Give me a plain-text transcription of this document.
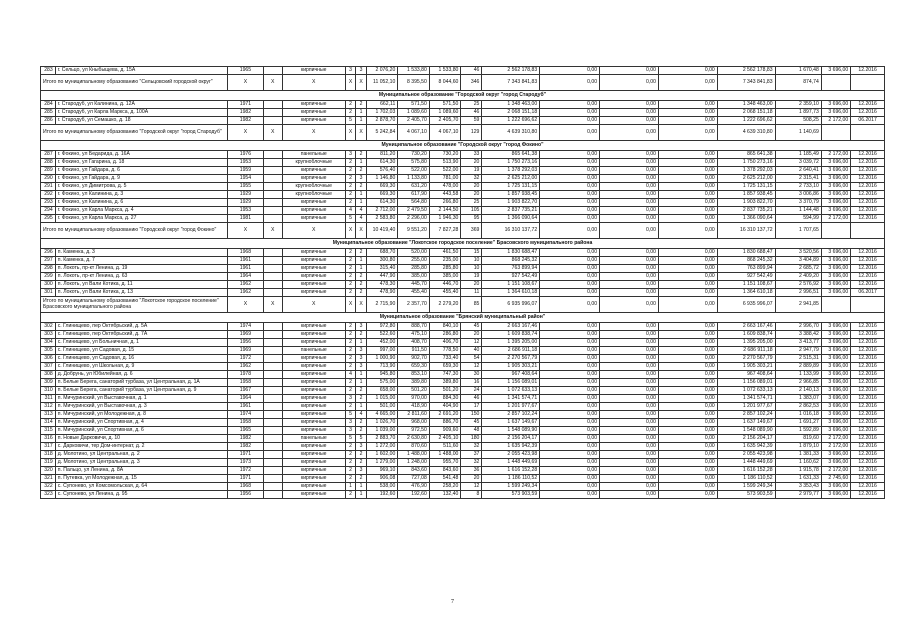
283	г. Сельцо, ул Кныбыщева, д. 15А	1965		кирпичные	3	3	2 076,20	1 533,80	1 533,80	46	2 562 178,83	0,00	0,00	0,00	2 562 178,83	1 670,48	3 696,00	12.2016
Итого по муниципальному образованию "Сельцовский городской округ"		X	X	X	X	X	11 052,10	8 395,50	8 044,60	346	7 343 841,83	0,00	0,00	0,00	7 343 841,83	874,74		
Муниципальное образование "Городской округ "город Стародуб"																		
284	г. Стародуб, ул Калинина, д. 12А	1971		кирпичные	2	2	662,11	571,50	571,50	25	1 348 463,00	0,00	0,00	0,00	1 348 463,00	2 359,10	3 696,00	12.2016
285	г. Стародуб, ул Карла Маркса, д. 100А	1982		кирпичные	2	1	1 702,03	1 089,60	1 089,60	46	2 068 151,18	0,00	0,00	0,00	2 068 151,18	1 897,73	3 696,00	12.2016
286	г. Стародуб, ул Семашко, д. 18	1982		кирпичные	5	1	2 878,70	2 405,70	2 405,70	59	1 222 696,62	0,00	0,00	0,00	1 222 696,62	508,25	2 172,00	06.2017
Итого по муниципальному образованию "Городской округ "город Стародуб"		X	X	X	X	X	5 242,84	4 067,10	4 067,10	129	4 639 310,80	0,00	0,00	0,00	4 639 310,80	1 140,69		
Муниципальное образование "Городской округ "город Фокино"																		
287	г. Фокино, ул Бедарида, д. 16А	1976		панельные	3	2	811,20	730,20	730,20	33	865 641,38	0,00	0,00	0,00	865 641,38	1 185,49	2 172,00	12.2016
288	г. Фокино, ул Гагарина, д. 18	1953		крупноблочные	2	1	614,30	575,80	513,90	20	1 750 273,16	0,00	0,00	0,00	1 750 273,16	3 039,72	3 696,00	12.2016
289	г. Фокино, ул Гайдара, д. 6	1959		кирпичные	2	2	576,40	522,00	522,00	19	1 378 292,03	0,00	0,00	0,00	1 378 292,03	2 640,41	3 696,00	12.2016
290	г. Фокино, ул Гайдара, д. 9	1954		кирпичные	2	3	1 146,80	1 133,80	781,00	32	2 625 212,00	0,00	0,00	0,00	2 625 212,00	2 315,41	3 696,00	12.2016
291	г. Фокино, ул Димитрова, д. 5	1955		крупноблочные	2	2	669,30	631,20	478,00	20	1 725 131,15	0,00	0,00	0,00	1 725 131,15	2 733,10	3 696,00	12.2016
292	г. Фокино, ул Калинина, д. 3	1929		крупноблочные	2	1	669,30	617,90	443,58	20	1 857 938,45	0,00	0,00	0,00	1 857 938,45	3 006,86	3 696,00	12.2016
293	г. Фокино, ул Калинина, д. 6	1929		кирпичные	2	1	614,30	564,80	266,80	25	1 903 822,70	0,00	0,00	0,00	1 903 822,70	3 370,79	3 696,00	12.2016
294	г. Фокино, ул Карла Маркса, д. 4	1953		кирпичные	4	4	2 712,00	2 479,50	2 144,50	105	2 837 735,21	0,00	0,00	0,00	2 837 735,21	1 144,48	3 696,00	12.2016
295	г. Фокино, ул Карла Маркса, д. 27	1981		кирпичные	5	4	2 583,80	2 296,00	1 946,30	95	1 366 090,64	0,00	0,00	0,00	1 366 090,64	594,99	2 172,00	12.2016
Итого по муниципальному образованию "Городской округ "город Фокино"		X	X	X	X	X	10 419,40	9 551,20	7 827,28	369	16 310 137,72	0,00	0,00	0,00	16 310 137,72	1 707,65		
Муниципальное образование "Локотское городское поселение" Брасовского муниципального района																		
296	п. Каменка, д. 3	1968		кирпичные	2	2	688,70	520,00	461,50	15	1 830 688,47	0,00	0,00	0,00	1 830 688,47	3 520,56	3 696,00	12.2016
297	п. Каменка, д. 7	1961		кирпичные	2	1	300,80	255,00	235,00	10	868 245,32	0,00	0,00	0,00	868 245,32	3 404,89	3 696,00	12.2016
298	п. Локоть, пр-кт Ленина, д. 19	1961		кирпичные	2	1	315,40	285,80	285,80	10	763 899,94	0,00	0,00	0,00	763 899,94	2 685,72	3 696,00	12.2016
299	п. Локоть, пр-кт Ленина, д. 63	1964		кирпичные	2	2	447,90	385,00	385,00	19	927 542,49	0,00	0,00	0,00	927 542,49	2 409,20	3 696,00	12.2016
300	п. Локоть, ул Вали Котика, д. 11	1962		кирпичные	2	2	478,30	445,70	446,70	20	1 151 108,67	0,00	0,00	0,00	1 151 108,67	2 576,92	3 696,00	12.2016
301	п. Локоть, ул Вали Котика, д. 13	1962		кирпичные	2	2	478,90	455,40	455,40	11	1 364 610,18	0,00	0,00	0,00	1 364 610,18	2 996,51	3 696,00	06.2017
Итого по муниципальному образованию "Локотское городское поселение" Брасовского муниципального района		X	X	X	X	X	2 715,90	2 357,70	2 279,20	85	6 935 996,07	0,00	0,00	0,00	6 935 996,07	2 941,85		
Муниципальное образование "Брянский муниципальный район"																		
302	с. Глинищево, пер Октябрьский, д. 5А	1974		кирпичные	2	3	972,80	888,70	840,10	45	2 663 167,46	0,00	0,00	0,00	2 663 167,46	2 996,70	3 696,00	12.2016
303	с. Глинищево, пер Октябрьский, д. 7А	1969		кирпичные	2	2	522,60	475,10	286,80	20	1 609 838,74	0,00	0,00	0,00	1 609 838,74	3 388,42	3 696,00	12.2016
304	с. Глинищево, ул Больничная, д. 1	1956		кирпичные	2	1	452,00	408,70	406,70	12	1 395 205,00	0,00	0,00	0,00	1 395 205,00	3 413,77	3 696,00	12.2016
305	с. Глинищево, ул Садовая, д. 15	1969		панельные	2	3	997,00	911,50	778,50	40	2 686 911,18	0,00	0,00	0,00	2 686 911,18	2 947,79	3 696,00	12.2016
306	с. Глинищево, ул Садовая, д. 16	1972		кирпичные	2	3	1 000,90	902,70	733,40	54	2 270 567,79	0,00	0,00	0,00	2 270 567,79	2 515,31	3 696,00	12.2016
307	с. Глинищево, ул Школьная, д. 9	1962		кирпичные	2	3	713,90	659,30	659,30	12	1 905 303,21	0,00	0,00	0,00	1 905 303,21	2 889,89	3 696,00	12.2016
308	д. Добрунь, ул Юбилейная, д. 6	1978		кирпичные	4	1	945,80	853,10	747,30	30	967 408,64	0,00	0,00	0,00	967 408,64	1 133,99	3 696,00	12.2016
309	п. Белые Берега, санаторий турбаза, ул Центральная, д. 1А	1958		кирпичные	2	1	575,00	389,80	389,80	16	1 156 089,01	0,00	0,00	0,00	1 156 089,01	2 966,85	3 696,00	12.2016
310	п. Белые Берега, санаторий турбаза, ул Центральная, д. 9	1967		кирпичные	2	2	658,00	501,20	501,20	24	1 072 633,13	0,00	0,00	0,00	1 072 633,13	2 140,13	3 696,00	12.2016
311	п. Мичуринский, ул Выставочная, д. 1	1964		кирпичные	3	2	1 015,00	970,00	884,30	46	1 341 574,71	0,00	0,00	0,00	1 341 574,71	1 383,07	3 696,00	12.2016
312	п. Мичуринский, ул Выставочная, д. 3	1961		кирпичные	2	1	501,00	418,90	404,90	17	1 201 977,67	0,00	0,00	0,00	1 201 977,67	2 862,53	3 696,00	12.2016
313	п. Мичуринский, ул Молодежная, д. 8	1974		кирпичные	5	4	4 665,00	2 811,60	2 691,20	150	2 857 102,24	0,00	0,00	0,00	2 857 102,24	1 016,18	3 696,00	12.2016
314	п. Мичуринский, ул Спортивная, д. 4	1958		кирпичные	3	2	1 026,70	968,00	886,70	45	1 637 149,67	0,00	0,00	0,00	1 637 149,67	1 691,27	3 696,00	12.2016
315	п. Мичуринский, ул Спортивная, д. 6	1965		кирпичные	3	2	1 039,00	972,50	909,60	48	1 548 089,90	0,00	0,00	0,00	1 548 089,90	1 592,89	3 696,00	12.2016
316	п. Новые Дарковичи, д. 10	1982		панельные	5	5	2 883,70	2 630,80	2 405,10	180	2 156 204,17	0,00	0,00	0,00	2 156 204,17	819,60	2 172,00	12.2016
317	с. Дарковичи, тер Дом-интернат, д. 2	1982		кирпичные	2	3	1 272,00	870,60	511,60	32	1 635 942,39	0,00	0,00	0,00	1 635 942,39	1 879,10	2 172,00	12.2016
318	д. Молотино, ул Центральная, д. 2	1971		кирпичные	2	2	1 602,00	1 488,00	1 488,00	37	2 055 423,98	0,00	0,00	0,00	2 055 423,98	1 381,33	3 696,00	12.2016
319	д. Молотино, ул Центральная, д. 3	1973		кирпичные	2	2	1 279,00	1 248,00	955,70	32	1 448 449,69	0,00	0,00	0,00	1 448 449,69	1 160,62	3 696,00	12.2016
320	п. Пальцо, ул Ленина, д. 8А	1972		кирпичные	2	3	969,10	843,60	843,60	36	1 616 152,28	0,00	0,00	0,00	1 616 152,28	1 915,78	2 172,00	12.2016
321	п. Путевка, ул Молодежная, д. 15	1971		кирпичные	2	2	906,08	727,08	541,48	20	1 186 110,52	0,00	0,00	0,00	1 186 110,52	1 631,33	2 745,60	12.2016
322	с. Супонево, ул Комсомольская, д. 64	1968		кирпичные	1	1	538,00	476,90	258,20	12	1 599 249,34	0,00	0,00	0,00	1 599 249,34	3 353,43	3 696,00	12.2016
323	с. Супонево, ул Ленина, д. 95	1956		кирпичные	2	1	192,60	192,60	132,40	8	573 903,59	0,00	0,00	0,00	573 903,59	2 979,77	3 696,00	12.2016
7
